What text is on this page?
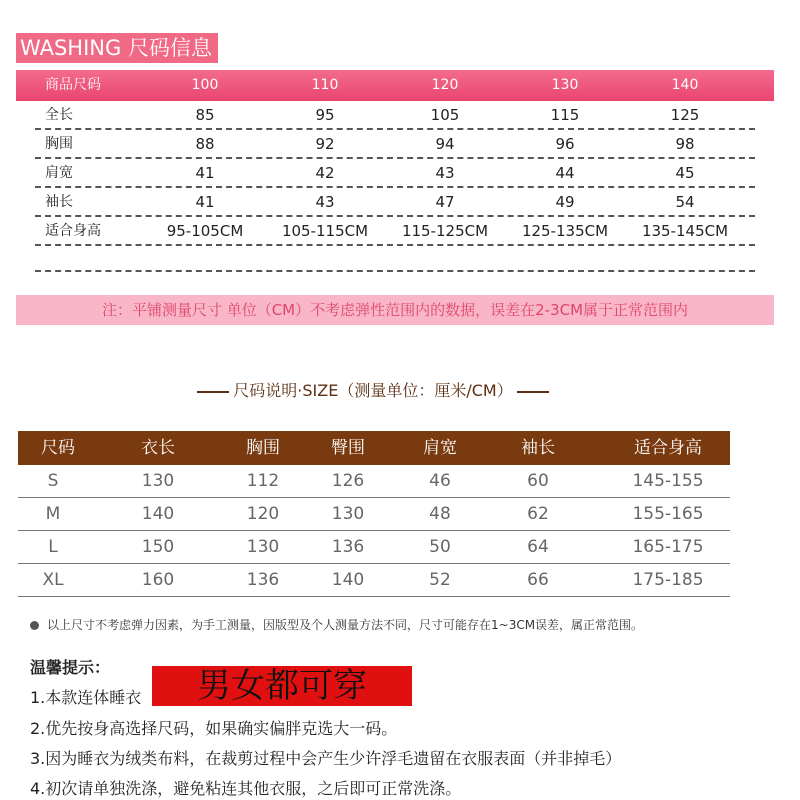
WASHING 尺码信息
商品尺码	100	110	120	130	140
全长	85	95	105	115	125
胸围	88	92	94	96	98
肩宽	41	42	43	44	45
袖长	41	43	47	49	54
适合身高	95-105CM	105-115CM	115-125CM	125-135CM	135-145CM
注：平铺测量尺寸 单位（CM）不考虑弹性范围内的数据，误差在2-3CM属于正常范围内
尺码说明·SIZE（测量单位：厘米/CM）
尺码	衣长	胸围	臀围	肩宽	袖长	适合身高
S	130	112	126	46	60	145-155
M	140	120	130	48	62	155-165
L	150	130	136	50	64	165-175
XL	160	136	140	52	66	175-185
以上尺寸不考虑弹力因素，为手工测量，因版型及个人测量方法不同，尺寸可能存在1~3CM误差，属正常范围。
温馨提示：
1.本款连体睡衣
2.优先按身高选择尺码，如果确实偏胖克选大一码。
3.因为睡衣为绒类布料，在裁剪过程中会产生少许浮毛遗留在衣服表面（并非掉毛）
4.初次请单独洗涤，避免粘连其他衣服，之后即可正常洗涤。
男女都可穿
